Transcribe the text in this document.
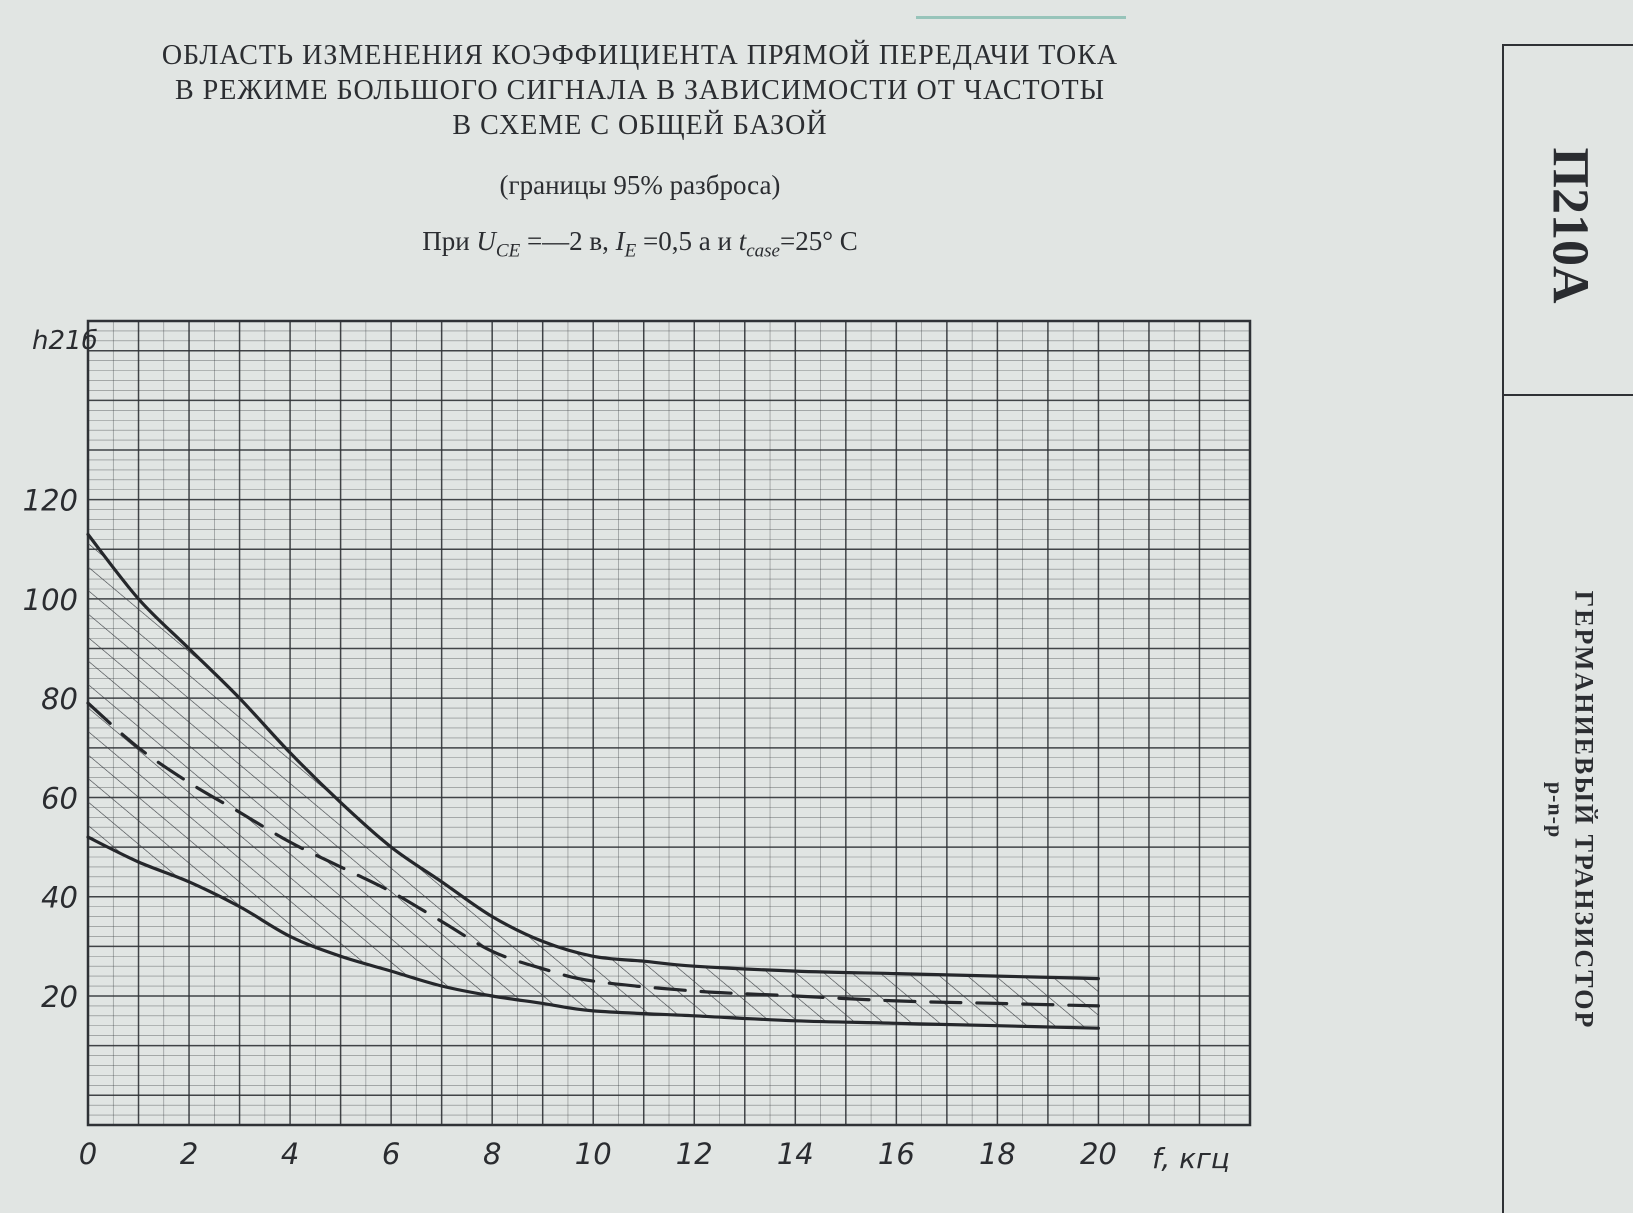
ОБЛАСТЬ ИЗМЕНЕНИЯ КОЭФФИЦИЕНТА ПРЯМОЙ ПЕРЕДАЧИ ТОКА
В РЕЖИМЕ БОЛЬШОГО СИГНАЛА В ЗАВИСИМОСТИ ОТ ЧАСТОТЫ
В СХЕМЕ С ОБЩЕЙ БАЗОЙ
(границы 95% разброса)
При $U_{CE}$ =—2 в, $I_E =0,5$ а и $t_{case}=25^\circ$ C	П210А
ГЕРМАНИЕВЫЙ ТРАНЗИСТОР
p-n-p
0	2	4	6	8	10 12 14 16 18 20
20
40
60
80
100
120
f, кгц
h21б
